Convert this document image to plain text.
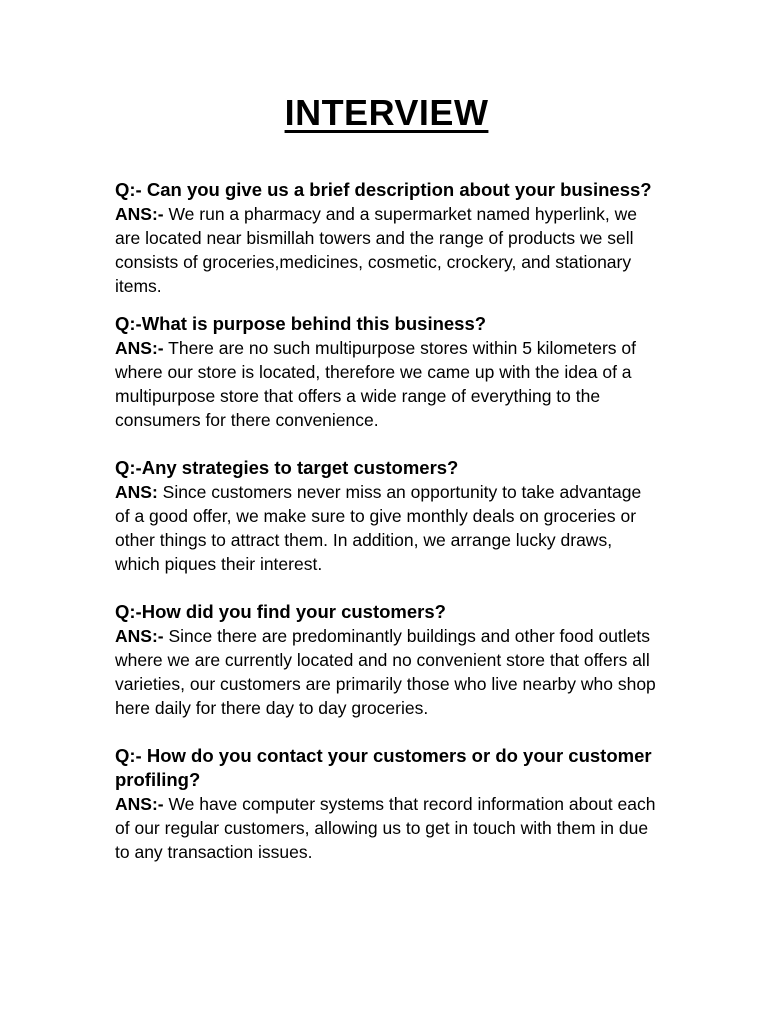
INTERVIEW

Q:- Can you give us a brief description about your business?

ANS:- We run a pharmacy and a supermarket named hyperlink, we are located near bismillah towers and the range of products we sell consists of groceries,medicines, cosmetic, crockery, and stationary items.

Q:-What is purpose behind this business?

ANS:- There are no such multipurpose stores within 5 kilometers of where our store is located, therefore we came up with the idea of a multipurpose store that offers a wide range of everything to the consumers for there convenience.

Q:-Any strategies to target customers?

ANS: Since customers never miss an opportunity to take advantage of a good offer, we make sure to give monthly deals on groceries or other things to attract them. In addition, we arrange lucky draws, which piques their interest.

Q:-How did you find your customers?

ANS:- Since there are predominantly buildings and other food outlets where we are currently located and no convenient store that offers all varieties, our customers are primarily those who live nearby who shop here daily for there day to day groceries.

Q:- How do you contact your customers or do your customer profiling?

ANS:- We have computer systems that record information about each of our regular customers, allowing us to get in touch with them in due to any transaction issues.
